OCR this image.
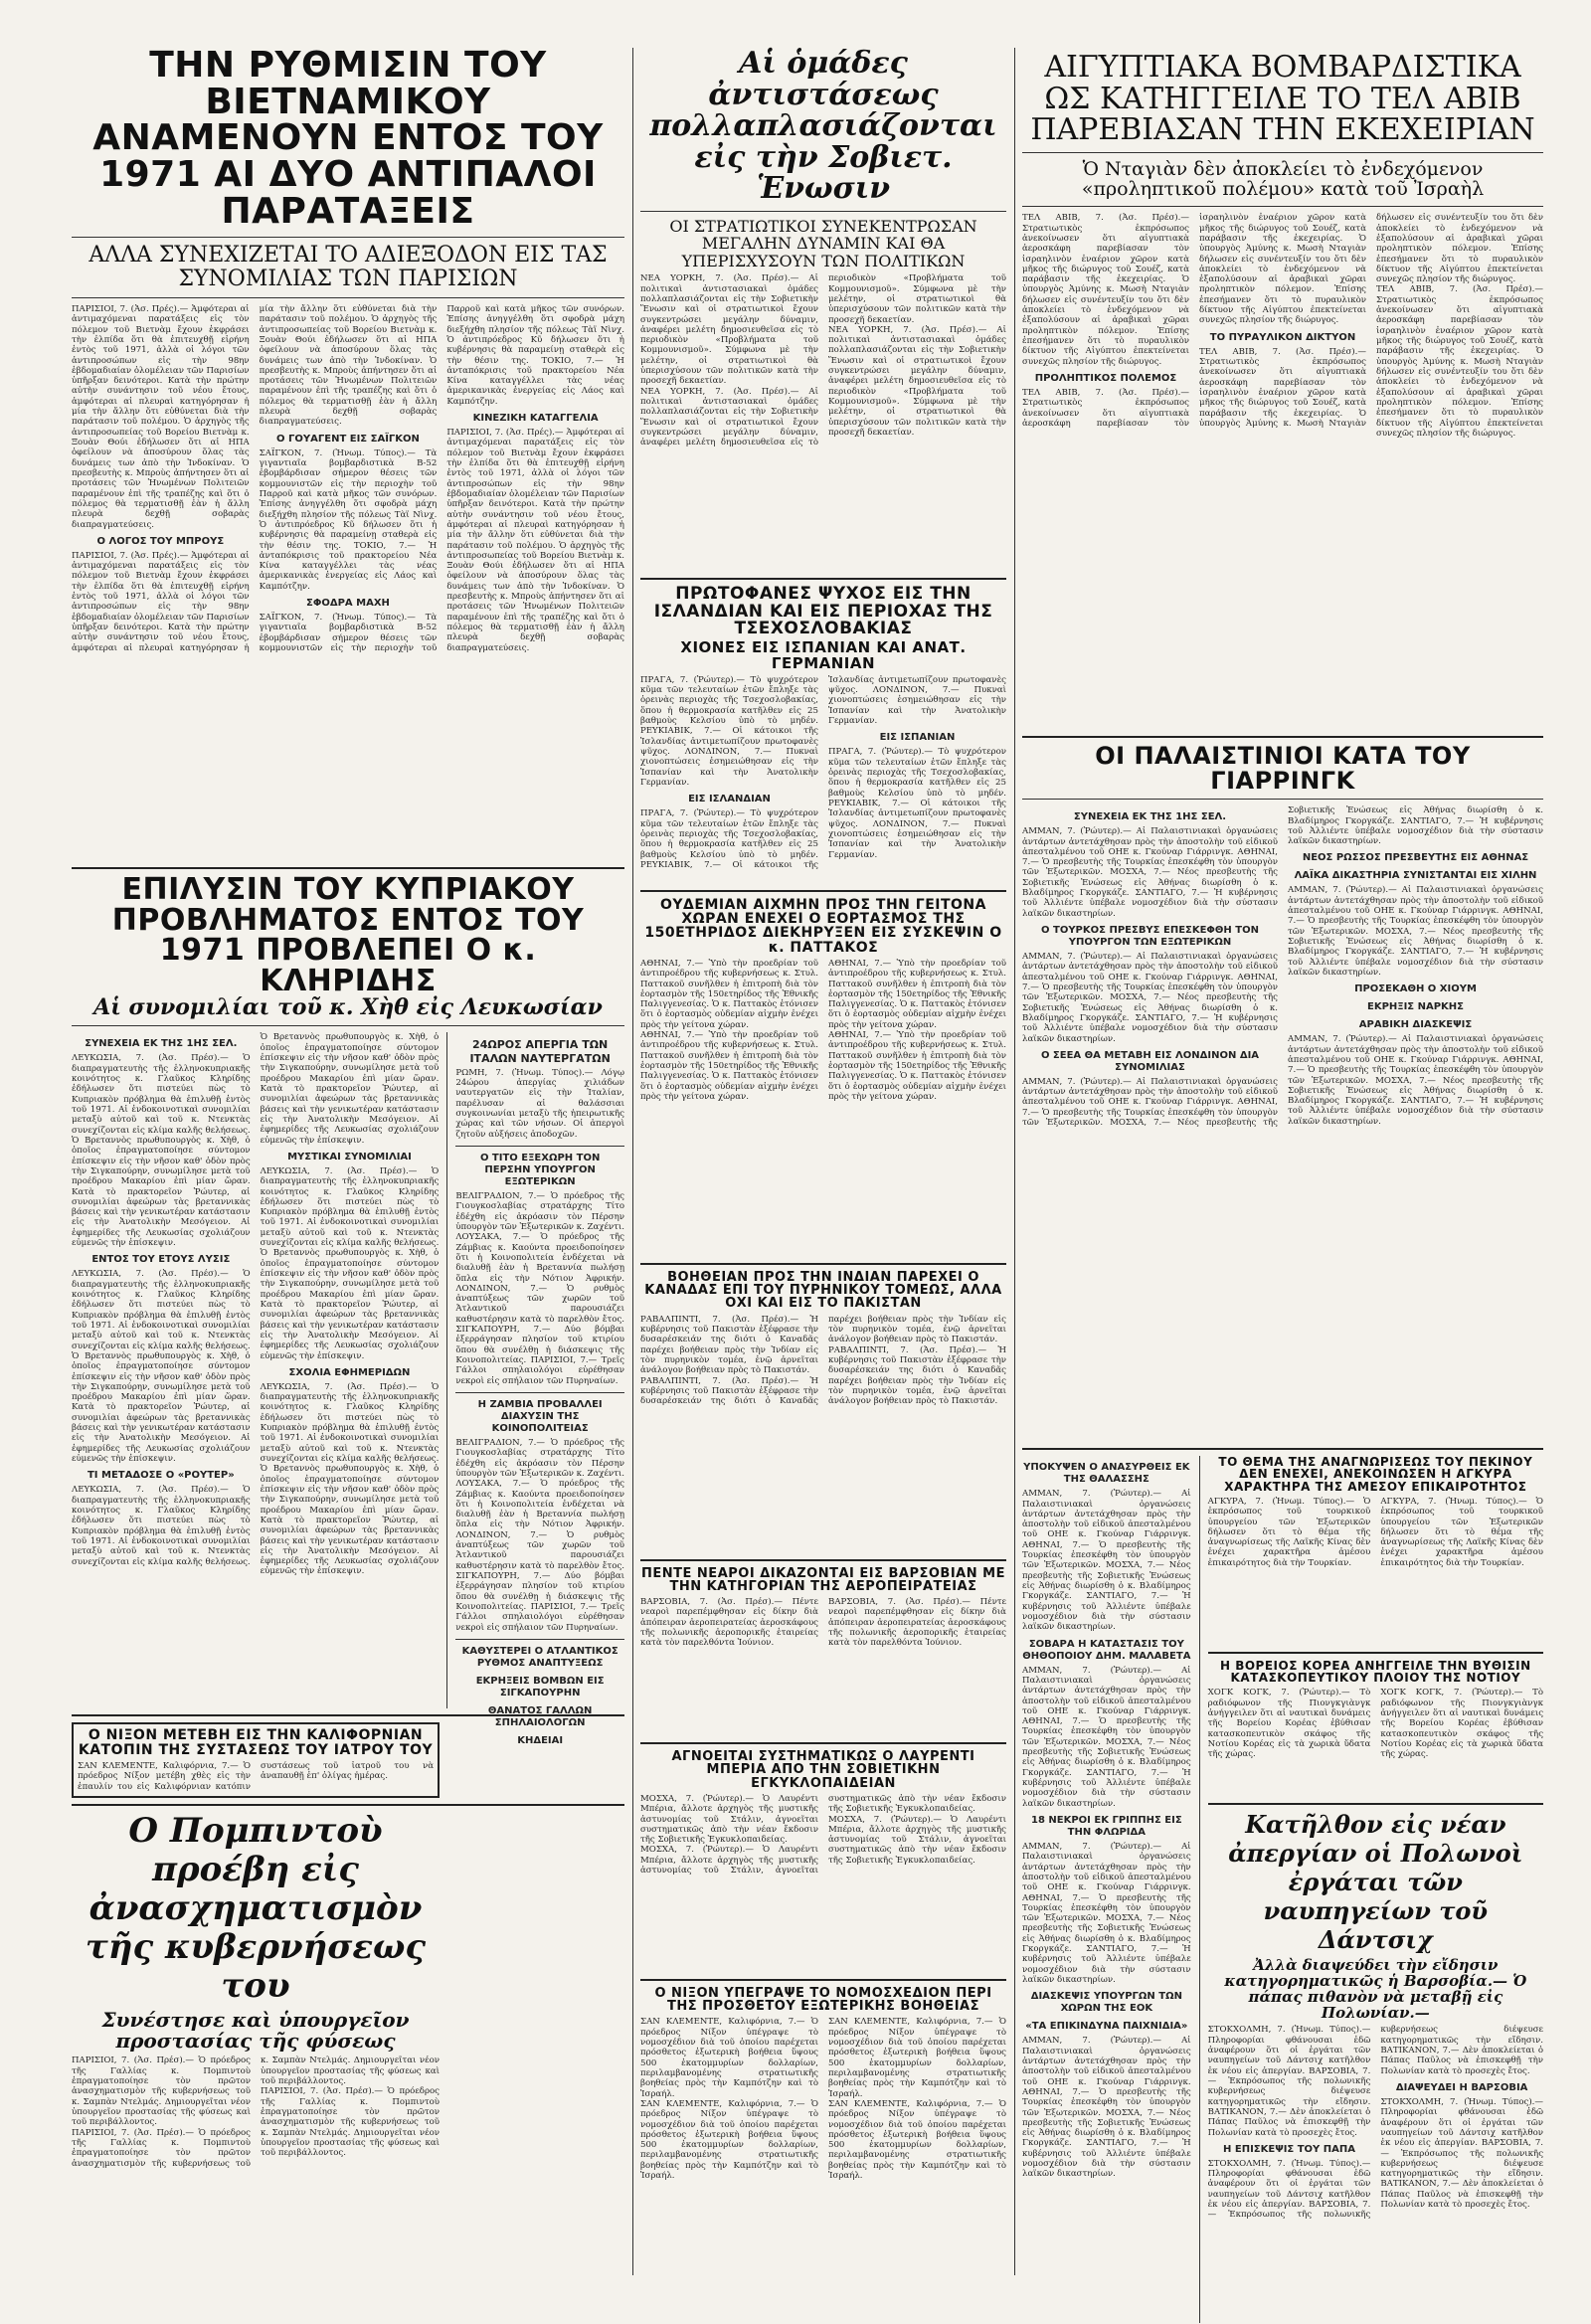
ΤΗΝ ΡΥΘΜΙΣΙΝ ΤΟΥ ΒΙΕΤΝΑΜΙΚΟΥ ΑΝΑΜΕΝΟΥΝ ΕΝΤΟΣ ΤΟΥ 1971 ΑΙ ΔΥΟ ΑΝΤΙΠΑΛΟΙ ΠΑΡΑΤΑΞΕΙΣ
ΑΛΛΑ ΣΥΝΕΧΙΖΕΤΑΙ ΤΟ ΑΔΙΕΞΟΔΟΝ ΕΙΣ ΤΑΣ ΣΥΝΟΜΙΛΙΑΣ ΤΩΝ ΠΑΡΙΣΙΩΝ

ΠΑΡΙΣΙΟΙ, 7. (Ἀσ. Πρές).— Ἀμφότεραι αἱ ἀντιμαχόμεναι παρατάξεις εἰς τὸν πόλεμον τοῦ Βιετνὰμ ἔχουν ἐκφράσει τὴν ἐλπίδα ὅτι θὰ ἐπιτευχθῇ εἰρήνη ἐντὸς τοῦ 1971, ἀλλὰ οἱ λόγοι τῶν ἀντιπροσώπων εἰς τὴν 98ην ἑβδομαδιαίαν ὁλομέλειαν τῶν Παρισίων ὑπῆρξαν δεινότεροι. Κατὰ τὴν πρώτην αὐτὴν συνάντησιν τοῦ νέου ἔτους, ἀμφότεραι αἱ πλευραὶ κατηγόρησαν ἡ μία τὴν ἄλλην ὅτι εὐθύνεται διὰ τὴν παράτασιν τοῦ πολέμου. Ὁ ἀρχηγὸς τῆς ἀντιπροσωπείας τοῦ Βορείου Βιετνὰμ κ. Ξουὰν Θούι ἐδήλωσεν ὅτι αἱ ΗΠΑ ὀφείλουν νὰ ἀποσύρουν ὅλας τὰς δυνάμεις των ἀπὸ τὴν Ἰνδοκίναν. Ὁ πρεσβευτὴς κ. Μπροὺς ἀπήντησεν ὅτι αἱ προτάσεις τῶν Ἡνωμένων Πολιτειῶν παραμένουν ἐπὶ τῆς τραπέζης καὶ ὅτι ὁ πόλεμος θὰ τερματισθῇ ἐὰν ἡ ἄλλη πλευρὰ δεχθῇ σοβαρὰς διαπραγματεύσεις.

Ο ΛΟΓΟΣ ΤΟΥ ΜΠΡΟΥΣ

ΠΑΡΙΣΙΟΙ, 7. (Ἀσ. Πρές).— Ἀμφότεραι αἱ ἀντιμαχόμεναι παρατάξεις εἰς τὸν πόλεμον τοῦ Βιετνὰμ ἔχουν ἐκφράσει τὴν ἐλπίδα ὅτι θὰ ἐπιτευχθῇ εἰρήνη ἐντὸς τοῦ 1971, ἀλλὰ οἱ λόγοι τῶν ἀντιπροσώπων εἰς τὴν 98ην ἑβδομαδιαίαν ὁλομέλειαν τῶν Παρισίων ὑπῆρξαν δεινότεροι. Κατὰ τὴν πρώτην αὐτὴν συνάντησιν τοῦ νέου ἔτους, ἀμφότεραι αἱ πλευραὶ κατηγόρησαν ἡ μία τὴν ἄλλην ὅτι εὐθύνεται διὰ τὴν παράτασιν τοῦ πολέμου. Ὁ ἀρχηγὸς τῆς ἀντιπροσωπείας τοῦ Βορείου Βιετνὰμ κ. Ξουὰν Θούι ἐδήλωσεν ὅτι αἱ ΗΠΑ ὀφείλουν νὰ ἀποσύρουν ὅλας τὰς δυνάμεις των ἀπὸ τὴν Ἰνδοκίναν. Ὁ πρεσβευτὴς κ. Μπροὺς ἀπήντησεν ὅτι αἱ προτάσεις τῶν Ἡνωμένων Πολιτειῶν παραμένουν ἐπὶ τῆς τραπέζης καὶ ὅτι ὁ πόλεμος θὰ τερματισθῇ ἐὰν ἡ ἄλλη πλευρὰ δεχθῇ σοβαρὰς διαπραγματεύσεις.

Ο ΓΟΥΑΓΕΝΤ ΕΙΣ ΣΑΪΓΚΟΝ

ΣΑΪΓΚΟΝ, 7. (Ἡνωμ. Τύπος).— Τὰ γιγαντιαῖα βομβαρδιστικὰ Β-52 ἐβομβάρδισαν σήμερον θέσεις τῶν κομμουνιστῶν εἰς τὴν περιοχὴν τοῦ Παρροῦ καὶ κατὰ μῆκος τῶν συνόρων. Ἐπίσης ἀνηγγέλθη ὅτι σφοδρὰ μάχη διεξήχθη πλησίον τῆς πόλεως Τὰϊ Νὶνχ. Ὁ ἀντιπρόεδρος Κῦ δήλωσεν ὅτι ἡ κυβέρνησις θὰ παραμείνῃ σταθερὰ εἰς τὴν θέσιν της. ΤΟΚΙΟ, 7.— Ἡ ἀνταπόκρισις τοῦ πρακτορείου Νέα Κίνα καταγγέλλει τὰς νέας ἀμερικανικὰς ἐνεργείας εἰς Λάος καὶ Καμπότζην.

ΣΦΟΔΡΑ ΜΑΧΗ

ΣΑΪΓΚΟΝ, 7. (Ἡνωμ. Τύπος).— Τὰ γιγαντιαῖα βομβαρδιστικὰ Β-52 ἐβομβάρδισαν σήμερον θέσεις τῶν κομμουνιστῶν εἰς τὴν περιοχὴν τοῦ Παρροῦ καὶ κατὰ μῆκος τῶν συνόρων. Ἐπίσης ἀνηγγέλθη ὅτι σφοδρὰ μάχη διεξήχθη πλησίον τῆς πόλεως Τὰϊ Νὶνχ. Ὁ ἀντιπρόεδρος Κῦ δήλωσεν ὅτι ἡ κυβέρνησις θὰ παραμείνῃ σταθερὰ εἰς τὴν θέσιν της. ΤΟΚΙΟ, 7.— Ἡ ἀνταπόκρισις τοῦ πρακτορείου Νέα Κίνα καταγγέλλει τὰς νέας ἀμερικανικὰς ἐνεργείας εἰς Λάος καὶ Καμπότζην.

ΚΙΝΕΖΙΚΗ ΚΑΤΑΓΓΕΛΙΑ

ΠΑΡΙΣΙΟΙ, 7. (Ἀσ. Πρές).— Ἀμφότεραι αἱ ἀντιμαχόμεναι παρατάξεις εἰς τὸν πόλεμον τοῦ Βιετνὰμ ἔχουν ἐκφράσει τὴν ἐλπίδα ὅτι θὰ ἐπιτευχθῇ εἰρήνη ἐντὸς τοῦ 1971, ἀλλὰ οἱ λόγοι τῶν ἀντιπροσώπων εἰς τὴν 98ην ἑβδομαδιαίαν ὁλομέλειαν τῶν Παρισίων ὑπῆρξαν δεινότεροι. Κατὰ τὴν πρώτην αὐτὴν συνάντησιν τοῦ νέου ἔτους, ἀμφότεραι αἱ πλευραὶ κατηγόρησαν ἡ μία τὴν ἄλλην ὅτι εὐθύνεται διὰ τὴν παράτασιν τοῦ πολέμου. Ὁ ἀρχηγὸς τῆς ἀντιπροσωπείας τοῦ Βορείου Βιετνὰμ κ. Ξουὰν Θούι ἐδήλωσεν ὅτι αἱ ΗΠΑ ὀφείλουν νὰ ἀποσύρουν ὅλας τὰς δυνάμεις των ἀπὸ τὴν Ἰνδοκίναν. Ὁ πρεσβευτὴς κ. Μπροὺς ἀπήντησεν ὅτι αἱ προτάσεις τῶν Ἡνωμένων Πολιτειῶν παραμένουν ἐπὶ τῆς τραπέζης καὶ ὅτι ὁ πόλεμος θὰ τερματισθῇ ἐὰν ἡ ἄλλη πλευρὰ δεχθῇ σοβαρὰς διαπραγματεύσεις.

ΕΠΙΛΥΣΙΝ ΤΟΥ ΚΥΠΡΙΑΚΟΥ ΠΡΟΒΛΗΜΑΤΟΣ ΕΝΤΟΣ ΤΟΥ 1971 ΠΡΟΒΛΕΠΕΙ Ο κ. ΚΛΗΡΙΔΗΣ
Αἱ συνομιλίαι τοῦ κ. Χὴθ εἰς Λευκωσίαν
ΣΥΝΕΧΕΙΑ ΕΚ ΤΗΣ 1ΗΣ ΣΕΛ.

ΛΕΥΚΩΣΙΑ, 7. (Ἀσ. Πρέσ).— Ὁ διαπραγματευτὴς τῆς ἑλληνοκυπριακῆς κοινότητος κ. Γλαῦκος Κληρίδης ἐδήλωσεν ὅτι πιστεύει πὼς τὸ Κυπριακὸν πρόβλημα θὰ ἐπιλυθῇ ἐντὸς τοῦ 1971. Αἱ ἐνδοκοινοτικαὶ συνομιλίαι μεταξὺ αὐτοῦ καὶ τοῦ κ. Ντενκτὰς συνεχίζονται εἰς κλίμα καλῆς θελήσεως. Ὁ Βρεταννὸς πρωθυπουργὸς κ. Χὴθ, ὁ ὁποῖος ἐπραγματοποίησε σύντομον ἐπίσκεψιν εἰς τὴν νῆσον καθ' ὁδὸν πρὸς τὴν Σιγκαπούρην, συνωμίλησε μετὰ τοῦ προέδρου Μακαρίου ἐπὶ μίαν ὥραν. Κατὰ τὸ πρακτορεῖον Ῥώυτερ, αἱ συνομιλίαι ἀφεώρων τὰς βρεταννικὰς βάσεις καὶ τὴν γενικωτέραν κατάστασιν εἰς τὴν Ἀνατολικὴν Μεσόγειον. Αἱ ἐφημερίδες τῆς Λευκωσίας σχολιάζουν εὐμενῶς τὴν ἐπίσκεψιν.

ΕΝΤΟΣ ΤΟΥ ΕΤΟΥΣ ΛΥΣΙΣ

ΛΕΥΚΩΣΙΑ, 7. (Ἀσ. Πρέσ).— Ὁ διαπραγματευτὴς τῆς ἑλληνοκυπριακῆς κοινότητος κ. Γλαῦκος Κληρίδης ἐδήλωσεν ὅτι πιστεύει πὼς τὸ Κυπριακὸν πρόβλημα θὰ ἐπιλυθῇ ἐντὸς τοῦ 1971. Αἱ ἐνδοκοινοτικαὶ συνομιλίαι μεταξὺ αὐτοῦ καὶ τοῦ κ. Ντενκτὰς συνεχίζονται εἰς κλίμα καλῆς θελήσεως. Ὁ Βρεταννὸς πρωθυπουργὸς κ. Χὴθ, ὁ ὁποῖος ἐπραγματοποίησε σύντομον ἐπίσκεψιν εἰς τὴν νῆσον καθ' ὁδὸν πρὸς τὴν Σιγκαπούρην, συνωμίλησε μετὰ τοῦ προέδρου Μακαρίου ἐπὶ μίαν ὥραν. Κατὰ τὸ πρακτορεῖον Ῥώυτερ, αἱ συνομιλίαι ἀφεώρων τὰς βρεταννικὰς βάσεις καὶ τὴν γενικωτέραν κατάστασιν εἰς τὴν Ἀνατολικὴν Μεσόγειον. Αἱ ἐφημερίδες τῆς Λευκωσίας σχολιάζουν εὐμενῶς τὴν ἐπίσκεψιν.

ΤΙ ΜΕΤΑΔΟΣΕ Ο «ΡΟΥΤΕΡ»

ΛΕΥΚΩΣΙΑ, 7. (Ἀσ. Πρέσ).— Ὁ διαπραγματευτὴς τῆς ἑλληνοκυπριακῆς κοινότητος κ. Γλαῦκος Κληρίδης ἐδήλωσεν ὅτι πιστεύει πὼς τὸ Κυπριακὸν πρόβλημα θὰ ἐπιλυθῇ ἐντὸς τοῦ 1971. Αἱ ἐνδοκοινοτικαὶ συνομιλίαι μεταξὺ αὐτοῦ καὶ τοῦ κ. Ντενκτὰς συνεχίζονται εἰς κλίμα καλῆς θελήσεως. Ὁ Βρεταννὸς πρωθυπουργὸς κ. Χὴθ, ὁ ὁποῖος ἐπραγματοποίησε σύντομον ἐπίσκεψιν εἰς τὴν νῆσον καθ' ὁδὸν πρὸς τὴν Σιγκαπούρην, συνωμίλησε μετὰ τοῦ προέδρου Μακαρίου ἐπὶ μίαν ὥραν. Κατὰ τὸ πρακτορεῖον Ῥώυτερ, αἱ συνομιλίαι ἀφεώρων τὰς βρεταννικὰς βάσεις καὶ τὴν γενικωτέραν κατάστασιν εἰς τὴν Ἀνατολικὴν Μεσόγειον. Αἱ ἐφημερίδες τῆς Λευκωσίας σχολιάζουν εὐμενῶς τὴν ἐπίσκεψιν.

ΜΥΣΤΙΚΑΙ ΣΥΝΟΜΙΛΙΑΙ

ΛΕΥΚΩΣΙΑ, 7. (Ἀσ. Πρέσ).— Ὁ διαπραγματευτὴς τῆς ἑλληνοκυπριακῆς κοινότητος κ. Γλαῦκος Κληρίδης ἐδήλωσεν ὅτι πιστεύει πὼς τὸ Κυπριακὸν πρόβλημα θὰ ἐπιλυθῇ ἐντὸς τοῦ 1971. Αἱ ἐνδοκοινοτικαὶ συνομιλίαι μεταξὺ αὐτοῦ καὶ τοῦ κ. Ντενκτὰς συνεχίζονται εἰς κλίμα καλῆς θελήσεως. Ὁ Βρεταννὸς πρωθυπουργὸς κ. Χὴθ, ὁ ὁποῖος ἐπραγματοποίησε σύντομον ἐπίσκεψιν εἰς τὴν νῆσον καθ' ὁδὸν πρὸς τὴν Σιγκαπούρην, συνωμίλησε μετὰ τοῦ προέδρου Μακαρίου ἐπὶ μίαν ὥραν. Κατὰ τὸ πρακτορεῖον Ῥώυτερ, αἱ συνομιλίαι ἀφεώρων τὰς βρεταννικὰς βάσεις καὶ τὴν γενικωτέραν κατάστασιν εἰς τὴν Ἀνατολικὴν Μεσόγειον. Αἱ ἐφημερίδες τῆς Λευκωσίας σχολιάζουν εὐμενῶς τὴν ἐπίσκεψιν.

ΣΧΟΛΙΑ ΕΦΗΜΕΡΙΔΩΝ

ΛΕΥΚΩΣΙΑ, 7. (Ἀσ. Πρέσ).— Ὁ διαπραγματευτὴς τῆς ἑλληνοκυπριακῆς κοινότητος κ. Γλαῦκος Κληρίδης ἐδήλωσεν ὅτι πιστεύει πὼς τὸ Κυπριακὸν πρόβλημα θὰ ἐπιλυθῇ ἐντὸς τοῦ 1971. Αἱ ἐνδοκοινοτικαὶ συνομιλίαι μεταξὺ αὐτοῦ καὶ τοῦ κ. Ντενκτὰς συνεχίζονται εἰς κλίμα καλῆς θελήσεως. Ὁ Βρεταννὸς πρωθυπουργὸς κ. Χὴθ, ὁ ὁποῖος ἐπραγματοποίησε σύντομον ἐπίσκεψιν εἰς τὴν νῆσον καθ' ὁδὸν πρὸς τὴν Σιγκαπούρην, συνωμίλησε μετὰ τοῦ προέδρου Μακαρίου ἐπὶ μίαν ὥραν. Κατὰ τὸ πρακτορεῖον Ῥώυτερ, αἱ συνομιλίαι ἀφεώρων τὰς βρεταννικὰς βάσεις καὶ τὴν γενικωτέραν κατάστασιν εἰς τὴν Ἀνατολικὴν Μεσόγειον. Αἱ ἐφημερίδες τῆς Λευκωσίας σχολιάζουν εὐμενῶς τὴν ἐπίσκεψιν.

24ΩΡΟΣ ΑΠΕΡΓΙΑ ΤΩΝ ΙΤΑΛΩΝ ΝΑΥΤΕΡΓΑΤΩΝ

ΡΩΜΗ, 7. (Ἡνωμ. Τύπος).— Λόγῳ 24ώρου ἀπεργίας χιλιάδων ναυτεργατῶν εἰς τὴν Ἰταλίαν, παρέλυσαν αἱ θαλάσσιαι συγκοινωνίαι μεταξὺ τῆς ἠπειρωτικῆς χώρας καὶ τῶν νήσων. Οἱ ἀπεργοὶ ζητοῦν αὐξήσεις ἀποδοχῶν.

Ο ΤΙΤΟ ΕΞΕΧΩΡΗ ΤΟΝ ΠΕΡΣΗΝ ΥΠΟΥΡΓΟΝ ΕΞΩΤΕΡΙΚΩΝ

ΒΕΛΙΓΡΑΔΙΟΝ, 7.— Ὁ πρόεδρος τῆς Γιουγκοσλαβίας στρατάρχης Τίτο ἐδέχθη εἰς ἀκρόασιν τὸν Πέρσην ὑπουργὸν τῶν Ἐξωτερικῶν κ. Ζαχέντι. ΛΟΥΣΑΚΑ, 7.— Ὁ πρόεδρος τῆς Ζάμβιας κ. Καούντα προειδοποίησεν ὅτι ἡ Κοινοπολιτεία ἐνδέχεται νὰ διαλυθῇ ἐὰν ἡ Βρεταννία πωλήσῃ ὅπλα εἰς τὴν Νότιον Ἀφρικήν. ΛΟΝΔΙΝΟΝ, 7.— Ὁ ρυθμὸς ἀναπτύξεως τῶν χωρῶν τοῦ Ἀτλαντικοῦ παρουσιάζει καθυστέρησιν κατὰ τὸ παρελθὸν ἔτος. ΣΙΓΚΑΠΟΥΡΗ, 7.— Δύο βόμβαι ἐξερράγησαν πλησίον τοῦ κτιρίου ὅπου θὰ συνέλθῃ ἡ διάσκεψις τῆς Κοινοπολιτείας. ΠΑΡΙΣΙΟΙ, 7.— Τρεῖς Γάλλοι σπηλαιολόγοι εὑρέθησαν νεκροὶ εἰς σπήλαιον τῶν Πυρηναίων.

Η ΖΑΜΒΙΑ ΠΡΟΒΑΛΛΕΙ ΔΙΑΧΥΣΙΝ ΤΗΣ ΚΟΙΝΟΠΟΛΙΤΕΙΑΣ

ΒΕΛΙΓΡΑΔΙΟΝ, 7.— Ὁ πρόεδρος τῆς Γιουγκοσλαβίας στρατάρχης Τίτο ἐδέχθη εἰς ἀκρόασιν τὸν Πέρσην ὑπουργὸν τῶν Ἐξωτερικῶν κ. Ζαχέντι. ΛΟΥΣΑΚΑ, 7.— Ὁ πρόεδρος τῆς Ζάμβιας κ. Καούντα προειδοποίησεν ὅτι ἡ Κοινοπολιτεία ἐνδέχεται νὰ διαλυθῇ ἐὰν ἡ Βρεταννία πωλήσῃ ὅπλα εἰς τὴν Νότιον Ἀφρικήν. ΛΟΝΔΙΝΟΝ, 7.— Ὁ ρυθμὸς ἀναπτύξεως τῶν χωρῶν τοῦ Ἀτλαντικοῦ παρουσιάζει καθυστέρησιν κατὰ τὸ παρελθὸν ἔτος. ΣΙΓΚΑΠΟΥΡΗ, 7.— Δύο βόμβαι ἐξερράγησαν πλησίον τοῦ κτιρίου ὅπου θὰ συνέλθῃ ἡ διάσκεψις τῆς Κοινοπολιτείας. ΠΑΡΙΣΙΟΙ, 7.— Τρεῖς Γάλλοι σπηλαιολόγοι εὑρέθησαν νεκροὶ εἰς σπήλαιον τῶν Πυρηναίων.

ΚΑΘΥΣΤΕΡΕΙ Ο ΑΤΛΑΝΤΙΚΟΣ ΡΥΘΜΟΣ ΑΝΑΠΤΥΞΕΩΣ
ΕΚΡΗΞΕΙΣ ΒΟΜΒΩΝ ΕΙΣ ΣΙΓΚΑΠΟΥΡΗΝ
ΘΑΝΑΤΟΣ ΓΑΛΛΩΝ ΣΠΗΛΑΙΟΛΟΓΩΝ
ΚΗΔΕΙΑΙ
Ο ΝΙΞΟΝ ΜΕΤΕΒΗ ΕΙΣ ΤΗΝ ΚΑΛΙΦΟΡΝΙΑΝ ΚΑΤΟΠΙΝ ΤΗΣ ΣΥΣΤΑΣΕΩΣ ΤΟΥ ΙΑΤΡΟΥ ΤΟΥ
ΣΑΝ ΚΛΕΜΕΝΤΕ, Καλιφόρνια, 7.— Ὁ πρόεδρος Νίξον μετέβη χθὲς εἰς τὴν ἐπαυλίν του εἰς Καλιφόρνιαν κατόπιν συστάσεως τοῦ ἰατροῦ του νὰ ἀναπαυθῇ ἐπ' ὀλίγας ἡμέρας.
Ο Πομπιντοὺ προέβη εἰς ἀνασχηματισμὸν τῆς κυβερνήσεως του
Συνέστησε καὶ ὑπουργεῖον προστασίας τῆς φύσεως

ΠΑΡΙΣΙΟΙ, 7. (Ἀσ. Πρέσ).— Ὁ πρόεδρος τῆς Γαλλίας κ. Πομπιντοὺ ἐπραγματοποίησε τὸν πρῶτον ἀνασχηματισμὸν τῆς κυβερνήσεως τοῦ κ. Σαμπὰν Ντελμάς. Δημιουργεῖται νέον ὑπουργεῖον προστασίας τῆς φύσεως καὶ τοῦ περιβάλλοντος.

ΠΑΡΙΣΙΟΙ, 7. (Ἀσ. Πρέσ).— Ὁ πρόεδρος τῆς Γαλλίας κ. Πομπιντοὺ ἐπραγματοποίησε τὸν πρῶτον ἀνασχηματισμὸν τῆς κυβερνήσεως τοῦ κ. Σαμπὰν Ντελμάς. Δημιουργεῖται νέον ὑπουργεῖον προστασίας τῆς φύσεως καὶ τοῦ περιβάλλοντος.

ΠΑΡΙΣΙΟΙ, 7. (Ἀσ. Πρέσ).— Ὁ πρόεδρος τῆς Γαλλίας κ. Πομπιντοὺ ἐπραγματοποίησε τὸν πρῶτον ἀνασχηματισμὸν τῆς κυβερνήσεως τοῦ κ. Σαμπὰν Ντελμάς. Δημιουργεῖται νέον ὑπουργεῖον προστασίας τῆς φύσεως καὶ τοῦ περιβάλλοντος.

Αἱ ὁμάδες ἀντιστάσεως πολλαπλασιάζονται εἰς τὴν Σοβιετ. Ἑνωσιν
ΟΙ ΣΤΡΑΤΙΩΤΙΚΟΙ ΣΥΝΕΚΕΝΤΡΩΣΑΝ ΜΕΓΑΛΗΝ ΔΥΝΑΜΙΝ ΚΑΙ ΘΑ ΥΠΕΡΙΣΧΥΣΟΥΝ ΤΩΝ ΠΟΛΙΤΙΚΩΝ

ΝΕΑ ΥΟΡΚΗ, 7. (Ἀσ. Πρέσ).— Αἱ πολιτικαὶ ἀντιστασιακαὶ ὁμάδες πολλαπλασιάζονται εἰς τὴν Σοβιετικὴν Ἕνωσιν καὶ οἱ στρατιωτικοὶ ἔχουν συγκεντρώσει μεγάλην δύναμιν, ἀναφέρει μελέτη δημοσιευθεῖσα εἰς τὸ περιοδικὸν «Προβλήματα τοῦ Κομμουνισμοῦ». Σύμφωνα μὲ τὴν μελέτην, οἱ στρατιωτικοὶ θὰ ὑπερισχύσουν τῶν πολιτικῶν κατὰ τὴν προσεχῆ δεκαετίαν.

ΝΕΑ ΥΟΡΚΗ, 7. (Ἀσ. Πρέσ).— Αἱ πολιτικαὶ ἀντιστασιακαὶ ὁμάδες πολλαπλασιάζονται εἰς τὴν Σοβιετικὴν Ἕνωσιν καὶ οἱ στρατιωτικοὶ ἔχουν συγκεντρώσει μεγάλην δύναμιν, ἀναφέρει μελέτη δημοσιευθεῖσα εἰς τὸ περιοδικὸν «Προβλήματα τοῦ Κομμουνισμοῦ». Σύμφωνα μὲ τὴν μελέτην, οἱ στρατιωτικοὶ θὰ ὑπερισχύσουν τῶν πολιτικῶν κατὰ τὴν προσεχῆ δεκαετίαν.

ΝΕΑ ΥΟΡΚΗ, 7. (Ἀσ. Πρέσ).— Αἱ πολιτικαὶ ἀντιστασιακαὶ ὁμάδες πολλαπλασιάζονται εἰς τὴν Σοβιετικὴν Ἕνωσιν καὶ οἱ στρατιωτικοὶ ἔχουν συγκεντρώσει μεγάλην δύναμιν, ἀναφέρει μελέτη δημοσιευθεῖσα εἰς τὸ περιοδικὸν «Προβλήματα τοῦ Κομμουνισμοῦ». Σύμφωνα μὲ τὴν μελέτην, οἱ στρατιωτικοὶ θὰ ὑπερισχύσουν τῶν πολιτικῶν κατὰ τὴν προσεχῆ δεκαετίαν.

ΠΡΩΤΟΦΑΝΕΣ ΨΥΧΟΣ ΕΙΣ ΤΗΝ ΙΣΛΑΝΔΙΑΝ ΚΑΙ ΕΙΣ ΠΕΡΙΟΧΑΣ ΤΗΣ ΤΣΕΧΟΣΛΟΒΑΚΙΑΣ
ΧΙΟΝΕΣ ΕΙΣ ΙΣΠΑΝΙΑΝ ΚΑΙ ΑΝΑΤ. ΓΕΡΜΑΝΙΑΝ

ΠΡΑΓΑ, 7. (Ῥώυτερ).— Τὸ ψυχρότερον κῦμα τῶν τελευταίων ἐτῶν ἔπληξε τὰς ὀρεινὰς περιοχὰς τῆς Τσεχοσλοβακίας, ὅπου ἡ θερμοκρασία κατῆλθεν εἰς 25 βαθμοὺς Κελσίου ὑπὸ τὸ μηδέν. ΡΕΥΚΙΑΒΙΚ, 7.— Οἱ κάτοικοι τῆς Ἰσλανδίας ἀντιμετωπίζουν πρωτοφανὲς ψῦχος. ΛΟΝΔΙΝΟΝ, 7.— Πυκναὶ χιονοπτώσεις ἐσημειώθησαν εἰς τὴν Ἱσπανίαν καὶ τὴν Ἀνατολικὴν Γερμανίαν.

ΕΙΣ ΙΣΛΑΝΔΙΑΝ

ΠΡΑΓΑ, 7. (Ῥώυτερ).— Τὸ ψυχρότερον κῦμα τῶν τελευταίων ἐτῶν ἔπληξε τὰς ὀρεινὰς περιοχὰς τῆς Τσεχοσλοβακίας, ὅπου ἡ θερμοκρασία κατῆλθεν εἰς 25 βαθμοὺς Κελσίου ὑπὸ τὸ μηδέν. ΡΕΥΚΙΑΒΙΚ, 7.— Οἱ κάτοικοι τῆς Ἰσλανδίας ἀντιμετωπίζουν πρωτοφανὲς ψῦχος. ΛΟΝΔΙΝΟΝ, 7.— Πυκναὶ χιονοπτώσεις ἐσημειώθησαν εἰς τὴν Ἱσπανίαν καὶ τὴν Ἀνατολικὴν Γερμανίαν.

ΕΙΣ ΙΣΠΑΝΙΑΝ

ΠΡΑΓΑ, 7. (Ῥώυτερ).— Τὸ ψυχρότερον κῦμα τῶν τελευταίων ἐτῶν ἔπληξε τὰς ὀρεινὰς περιοχὰς τῆς Τσεχοσλοβακίας, ὅπου ἡ θερμοκρασία κατῆλθεν εἰς 25 βαθμοὺς Κελσίου ὑπὸ τὸ μηδέν. ΡΕΥΚΙΑΒΙΚ, 7.— Οἱ κάτοικοι τῆς Ἰσλανδίας ἀντιμετωπίζουν πρωτοφανὲς ψῦχος. ΛΟΝΔΙΝΟΝ, 7.— Πυκναὶ χιονοπτώσεις ἐσημειώθησαν εἰς τὴν Ἱσπανίαν καὶ τὴν Ἀνατολικὴν Γερμανίαν.

ΟΥΔΕΜΙΑΝ ΑΙΧΜΗΝ ΠΡΟΣ ΤΗΝ ΓΕΙΤΟΝΑ ΧΩΡΑΝ ΕΝΕΧΕΙ Ο ΕΟΡΤΑΣΜΟΣ ΤΗΣ 150ΕΤΗΡΙΔΟΣ ΔΙΕΚΗΡΥΞΕΝ ΕΙΣ ΣΥΣΚΕΨΙΝ Ο κ. ΠΑΤΤΑΚΟΣ

ΑΘΗΝΑΙ, 7.— Ὑπὸ τὴν προεδρίαν τοῦ ἀντιπροέδρου τῆς κυβερνήσεως κ. Στυλ. Παττακοῦ συνῆλθεν ἡ ἐπιτροπὴ διὰ τὸν ἑορτασμὸν τῆς 150ετηρίδος τῆς Ἐθνικῆς Παλιγγενεσίας. Ὁ κ. Παττακὸς ἐτόνισεν ὅτι ὁ ἑορτασμὸς οὐδεμίαν αἰχμὴν ἐνέχει πρὸς τὴν γείτονα χώραν.

ΑΘΗΝΑΙ, 7.— Ὑπὸ τὴν προεδρίαν τοῦ ἀντιπροέδρου τῆς κυβερνήσεως κ. Στυλ. Παττακοῦ συνῆλθεν ἡ ἐπιτροπὴ διὰ τὸν ἑορτασμὸν τῆς 150ετηρίδος τῆς Ἐθνικῆς Παλιγγενεσίας. Ὁ κ. Παττακὸς ἐτόνισεν ὅτι ὁ ἑορτασμὸς οὐδεμίαν αἰχμὴν ἐνέχει πρὸς τὴν γείτονα χώραν.

ΑΘΗΝΑΙ, 7.— Ὑπὸ τὴν προεδρίαν τοῦ ἀντιπροέδρου τῆς κυβερνήσεως κ. Στυλ. Παττακοῦ συνῆλθεν ἡ ἐπιτροπὴ διὰ τὸν ἑορτασμὸν τῆς 150ετηρίδος τῆς Ἐθνικῆς Παλιγγενεσίας. Ὁ κ. Παττακὸς ἐτόνισεν ὅτι ὁ ἑορτασμὸς οὐδεμίαν αἰχμὴν ἐνέχει πρὸς τὴν γείτονα χώραν.

ΑΘΗΝΑΙ, 7.— Ὑπὸ τὴν προεδρίαν τοῦ ἀντιπροέδρου τῆς κυβερνήσεως κ. Στυλ. Παττακοῦ συνῆλθεν ἡ ἐπιτροπὴ διὰ τὸν ἑορτασμὸν τῆς 150ετηρίδος τῆς Ἐθνικῆς Παλιγγενεσίας. Ὁ κ. Παττακὸς ἐτόνισεν ὅτι ὁ ἑορτασμὸς οὐδεμίαν αἰχμὴν ἐνέχει πρὸς τὴν γείτονα χώραν.

ΒΟΗΘΕΙΑΝ ΠΡΟΣ ΤΗΝ ΙΝΔΙΑΝ ΠΑΡΕΧΕΙ Ο ΚΑΝΑΔΑΣ ΕΠΙ ΤΟΥ ΠΥΡΗΝΙΚΟΥ ΤΟΜΕΩΣ, ΑΛΛΑ ΟΧΙ ΚΑΙ ΕΙΣ ΤΟ ΠΑΚΙΣΤΑΝ

ΡΑΒΑΛΠΙΝΤΙ, 7. (Ἀσ. Πρέσ).— Ἡ κυβέρνησις τοῦ Πακιστὰν ἐξέφρασε τὴν δυσαρέσκειάν της διότι ὁ Καναδᾶς παρέχει βοήθειαν πρὸς τὴν Ἰνδίαν εἰς τὸν πυρηνικὸν τομέα, ἐνῷ ἀρνεῖται ἀνάλογον βοήθειαν πρὸς τὸ Πακιστάν.

ΡΑΒΑΛΠΙΝΤΙ, 7. (Ἀσ. Πρέσ).— Ἡ κυβέρνησις τοῦ Πακιστὰν ἐξέφρασε τὴν δυσαρέσκειάν της διότι ὁ Καναδᾶς παρέχει βοήθειαν πρὸς τὴν Ἰνδίαν εἰς τὸν πυρηνικὸν τομέα, ἐνῷ ἀρνεῖται ἀνάλογον βοήθειαν πρὸς τὸ Πακιστάν.

ΡΑΒΑΛΠΙΝΤΙ, 7. (Ἀσ. Πρέσ).— Ἡ κυβέρνησις τοῦ Πακιστὰν ἐξέφρασε τὴν δυσαρέσκειάν της διότι ὁ Καναδᾶς παρέχει βοήθειαν πρὸς τὴν Ἰνδίαν εἰς τὸν πυρηνικὸν τομέα, ἐνῷ ἀρνεῖται ἀνάλογον βοήθειαν πρὸς τὸ Πακιστάν.

ΠΕΝΤΕ ΝΕΑΡΟΙ ΔΙΚΑΖΟΝΤΑΙ ΕΙΣ ΒΑΡΣΟΒΙΑΝ ΜΕ ΤΗΝ ΚΑΤΗΓΟΡΙΑΝ ΤΗΣ ΑΕΡΟΠΕΙΡΑΤΕΙΑΣ

ΒΑΡΣΟΒΙΑ, 7. (Ἀσ. Πρέσ).— Πέντε νεαροὶ παρεπέμφθησαν εἰς δίκην διὰ ἀπόπειραν ἀεροπειρατείας ἀεροσκάφους τῆς πολωνικῆς ἀεροπορικῆς ἑταιρείας κατὰ τὸν παρελθόντα Ἰούνιον.

ΒΑΡΣΟΒΙΑ, 7. (Ἀσ. Πρέσ).— Πέντε νεαροὶ παρεπέμφθησαν εἰς δίκην διὰ ἀπόπειραν ἀεροπειρατείας ἀεροσκάφους τῆς πολωνικῆς ἀεροπορικῆς ἑταιρείας κατὰ τὸν παρελθόντα Ἰούνιον.

ΑΓΝΟΕΙΤΑΙ ΣΥΣΤΗΜΑΤΙΚΩΣ Ο ΛΑΥΡΕΝΤΙ ΜΠΕΡΙΑ ΑΠΟ ΤΗΝ ΣΟΒΙΕΤΙΚΗΝ ΕΓΚΥΚΛΟΠΑΙΔΕΙΑΝ

ΜΟΣΧΑ, 7. (Ῥώυτερ).— Ὁ Λαυρέντι Μπέρια, ἄλλοτε ἀρχηγὸς τῆς μυστικῆς ἀστυνομίας τοῦ Στάλιν, ἀγνοεῖται συστηματικῶς ἀπὸ τὴν νέαν ἔκδοσιν τῆς Σοβιετικῆς Ἐγκυκλοπαιδείας.

ΜΟΣΧΑ, 7. (Ῥώυτερ).— Ὁ Λαυρέντι Μπέρια, ἄλλοτε ἀρχηγὸς τῆς μυστικῆς ἀστυνομίας τοῦ Στάλιν, ἀγνοεῖται συστηματικῶς ἀπὸ τὴν νέαν ἔκδοσιν τῆς Σοβιετικῆς Ἐγκυκλοπαιδείας.

ΜΟΣΧΑ, 7. (Ῥώυτερ).— Ὁ Λαυρέντι Μπέρια, ἄλλοτε ἀρχηγὸς τῆς μυστικῆς ἀστυνομίας τοῦ Στάλιν, ἀγνοεῖται συστηματικῶς ἀπὸ τὴν νέαν ἔκδοσιν τῆς Σοβιετικῆς Ἐγκυκλοπαιδείας.

Ο ΝΙΞΟΝ ΥΠΕΓΡΑΨΕ ΤΟ ΝΟΜΟΣΧΕΔΙΟΝ ΠΕΡΙ ΤΗΣ ΠΡΟΣΘΕΤΟΥ ΕΞΩΤΕΡΙΚΗΣ ΒΟΗΘΕΙΑΣ

ΣΑΝ ΚΛΕΜΕΝΤΕ, Καλιφόρνια, 7.— Ὁ πρόεδρος Νίξον ὑπέγραψε τὸ νομοσχέδιον διὰ τοῦ ὁποίου παρέχεται πρόσθετος ἐξωτερικὴ βοήθεια ὕψους 500 ἑκατομμυρίων δολλαρίων, περιλαμβανομένης στρατιωτικῆς βοηθείας πρὸς τὴν Καμπότζην καὶ τὸ Ἰσραήλ.

ΣΑΝ ΚΛΕΜΕΝΤΕ, Καλιφόρνια, 7.— Ὁ πρόεδρος Νίξον ὑπέγραψε τὸ νομοσχέδιον διὰ τοῦ ὁποίου παρέχεται πρόσθετος ἐξωτερικὴ βοήθεια ὕψους 500 ἑκατομμυρίων δολλαρίων, περιλαμβανομένης στρατιωτικῆς βοηθείας πρὸς τὴν Καμπότζην καὶ τὸ Ἰσραήλ.

ΣΑΝ ΚΛΕΜΕΝΤΕ, Καλιφόρνια, 7.— Ὁ πρόεδρος Νίξον ὑπέγραψε τὸ νομοσχέδιον διὰ τοῦ ὁποίου παρέχεται πρόσθετος ἐξωτερικὴ βοήθεια ὕψους 500 ἑκατομμυρίων δολλαρίων, περιλαμβανομένης στρατιωτικῆς βοηθείας πρὸς τὴν Καμπότζην καὶ τὸ Ἰσραήλ.

ΣΑΝ ΚΛΕΜΕΝΤΕ, Καλιφόρνια, 7.— Ὁ πρόεδρος Νίξον ὑπέγραψε τὸ νομοσχέδιον διὰ τοῦ ὁποίου παρέχεται πρόσθετος ἐξωτερικὴ βοήθεια ὕψους 500 ἑκατομμυρίων δολλαρίων, περιλαμβανομένης στρατιωτικῆς βοηθείας πρὸς τὴν Καμπότζην καὶ τὸ Ἰσραήλ.

ΑΙΓΥΠΤΙΑΚΑ ΒΟΜΒΑΡΔΙΣΤΙΚΑ ΩΣ ΚΑΤΗΓΓΕΙΛΕ ΤΟ ΤΕΛ ΑΒΙΒ ΠΑΡΕΒΙΑΣΑΝ ΤΗΝ ΕΚΕΧΕΙΡΙΑΝ
Ὁ Νταγιὰν δὲν ἀποκλείει τὸ ἐνδεχόμενον «προληπτικοῦ πολέμου» κατὰ τοῦ Ἰσραὴλ

ΤΕΛ ΑΒΙΒ, 7. (Ἀσ. Πρέσ).— Στρατιωτικὸς ἐκπρόσωπος ἀνεκοίνωσεν ὅτι αἰγυπτιακὰ ἀεροσκάφη παρεβίασαν τὸν ἰσραηλινὸν ἐναέριον χῶρον κατὰ μῆκος τῆς διώρυγος τοῦ Σουέζ, κατὰ παράβασιν τῆς ἐκεχειρίας. Ὁ ὑπουργὸς Ἀμύνης κ. Μωσὴ Νταγιὰν δήλωσεν εἰς συνέντευξίν του ὅτι δὲν ἀποκλείει τὸ ἐνδεχόμενον νὰ ἐξαπολύσουν αἱ ἀραβικαὶ χῶραι προληπτικὸν πόλεμον. Ἐπίσης ἐπεσήμανεν ὅτι τὸ πυραυλικὸν δίκτυον τῆς Αἰγύπτου ἐπεκτείνεται συνεχῶς πλησίον τῆς διώρυγος.

ΠΡΟΛΗΠΤΙΚΟΣ ΠΟΛΕΜΟΣ

ΤΕΛ ΑΒΙΒ, 7. (Ἀσ. Πρέσ).— Στρατιωτικὸς ἐκπρόσωπος ἀνεκοίνωσεν ὅτι αἰγυπτιακὰ ἀεροσκάφη παρεβίασαν τὸν ἰσραηλινὸν ἐναέριον χῶρον κατὰ μῆκος τῆς διώρυγος τοῦ Σουέζ, κατὰ παράβασιν τῆς ἐκεχειρίας. Ὁ ὑπουργὸς Ἀμύνης κ. Μωσὴ Νταγιὰν δήλωσεν εἰς συνέντευξίν του ὅτι δὲν ἀποκλείει τὸ ἐνδεχόμενον νὰ ἐξαπολύσουν αἱ ἀραβικαὶ χῶραι προληπτικὸν πόλεμον. Ἐπίσης ἐπεσήμανεν ὅτι τὸ πυραυλικὸν δίκτυον τῆς Αἰγύπτου ἐπεκτείνεται συνεχῶς πλησίον τῆς διώρυγος.

ΤΟ ΠΥΡΑΥΛΙΚΟΝ ΔΙΚΤΥΟΝ

ΤΕΛ ΑΒΙΒ, 7. (Ἀσ. Πρέσ).— Στρατιωτικὸς ἐκπρόσωπος ἀνεκοίνωσεν ὅτι αἰγυπτιακὰ ἀεροσκάφη παρεβίασαν τὸν ἰσραηλινὸν ἐναέριον χῶρον κατὰ μῆκος τῆς διώρυγος τοῦ Σουέζ, κατὰ παράβασιν τῆς ἐκεχειρίας. Ὁ ὑπουργὸς Ἀμύνης κ. Μωσὴ Νταγιὰν δήλωσεν εἰς συνέντευξίν του ὅτι δὲν ἀποκλείει τὸ ἐνδεχόμενον νὰ ἐξαπολύσουν αἱ ἀραβικαὶ χῶραι προληπτικὸν πόλεμον. Ἐπίσης ἐπεσήμανεν ὅτι τὸ πυραυλικὸν δίκτυον τῆς Αἰγύπτου ἐπεκτείνεται συνεχῶς πλησίον τῆς διώρυγος.

ΤΕΛ ΑΒΙΒ, 7. (Ἀσ. Πρέσ).— Στρατιωτικὸς ἐκπρόσωπος ἀνεκοίνωσεν ὅτι αἰγυπτιακὰ ἀεροσκάφη παρεβίασαν τὸν ἰσραηλινὸν ἐναέριον χῶρον κατὰ μῆκος τῆς διώρυγος τοῦ Σουέζ, κατὰ παράβασιν τῆς ἐκεχειρίας. Ὁ ὑπουργὸς Ἀμύνης κ. Μωσὴ Νταγιὰν δήλωσεν εἰς συνέντευξίν του ὅτι δὲν ἀποκλείει τὸ ἐνδεχόμενον νὰ ἐξαπολύσουν αἱ ἀραβικαὶ χῶραι προληπτικὸν πόλεμον. Ἐπίσης ἐπεσήμανεν ὅτι τὸ πυραυλικὸν δίκτυον τῆς Αἰγύπτου ἐπεκτείνεται συνεχῶς πλησίον τῆς διώρυγος.

ΟΙ ΠΑΛΑΙΣΤΙΝΙΟΙ ΚΑΤΑ ΤΟΥ ΓΙΑΡΡΙΝΓΚ
ΣΥΝΕΧΕΙΑ ΕΚ ΤΗΣ 1ΗΣ ΣΕΛ.

ΑΜΜΑΝ, 7. (Ῥώυτερ).— Αἱ Παλαιστινιακαὶ ὀργανώσεις ἀντάρτων ἀντετάχθησαν πρὸς τὴν ἀποστολὴν τοῦ εἰδικοῦ ἀπεσταλμένου τοῦ ΟΗΕ κ. Γκούναρ Γιάρρινγκ. ΑΘΗΝΑΙ, 7.— Ὁ πρεσβευτὴς τῆς Τουρκίας ἐπεσκέφθη τὸν ὑπουργὸν τῶν Ἐξωτερικῶν. ΜΟΣΧΑ, 7.— Νέος πρεσβευτὴς τῆς Σοβιετικῆς Ἑνώσεως εἰς Ἀθήνας διωρίσθη ὁ κ. Βλαδίμηρος Γκοργκάζε. ΣΑΝΤΙΑΓΟ, 7.— Ἡ κυβέρνησις τοῦ Ἀλλιέντε ὑπέβαλε νομοσχέδιον διὰ τὴν σύστασιν λαϊκῶν δικαστηρίων.

Ο ΤΟΥΡΚΟΣ ΠΡΕΣΒΥΣ ΕΠΕΣΚΕΦΘΗ ΤΟΝ ΥΠΟΥΡΓΟΝ ΤΩΝ ΕΞΩΤΕΡΙΚΩΝ

ΑΜΜΑΝ, 7. (Ῥώυτερ).— Αἱ Παλαιστινιακαὶ ὀργανώσεις ἀντάρτων ἀντετάχθησαν πρὸς τὴν ἀποστολὴν τοῦ εἰδικοῦ ἀπεσταλμένου τοῦ ΟΗΕ κ. Γκούναρ Γιάρρινγκ. ΑΘΗΝΑΙ, 7.— Ὁ πρεσβευτὴς τῆς Τουρκίας ἐπεσκέφθη τὸν ὑπουργὸν τῶν Ἐξωτερικῶν. ΜΟΣΧΑ, 7.— Νέος πρεσβευτὴς τῆς Σοβιετικῆς Ἑνώσεως εἰς Ἀθήνας διωρίσθη ὁ κ. Βλαδίμηρος Γκοργκάζε. ΣΑΝΤΙΑΓΟ, 7.— Ἡ κυβέρνησις τοῦ Ἀλλιέντε ὑπέβαλε νομοσχέδιον διὰ τὴν σύστασιν λαϊκῶν δικαστηρίων.

Ο ΣΕΕΑ ΘΑ ΜΕΤΑΒΗ ΕΙΣ ΛΟΝΔΙΝΟΝ ΔΙΑ ΣΥΝΟΜΙΛΙΑΣ

ΑΜΜΑΝ, 7. (Ῥώυτερ).— Αἱ Παλαιστινιακαὶ ὀργανώσεις ἀντάρτων ἀντετάχθησαν πρὸς τὴν ἀποστολὴν τοῦ εἰδικοῦ ἀπεσταλμένου τοῦ ΟΗΕ κ. Γκούναρ Γιάρρινγκ. ΑΘΗΝΑΙ, 7.— Ὁ πρεσβευτὴς τῆς Τουρκίας ἐπεσκέφθη τὸν ὑπουργὸν τῶν Ἐξωτερικῶν. ΜΟΣΧΑ, 7.— Νέος πρεσβευτὴς τῆς Σοβιετικῆς Ἑνώσεως εἰς Ἀθήνας διωρίσθη ὁ κ. Βλαδίμηρος Γκοργκάζε. ΣΑΝΤΙΑΓΟ, 7.— Ἡ κυβέρνησις τοῦ Ἀλλιέντε ὑπέβαλε νομοσχέδιον διὰ τὴν σύστασιν λαϊκῶν δικαστηρίων.

ΝΕΟΣ ΡΩΣΣΟΣ ΠΡΕΣΒΕΥΤΗΣ ΕΙΣ ΑΘΗΝΑΣ
ΛΑΪΚΑ ΔΙΚΑΣΤΗΡΙΑ ΣΥΝΙΣΤΑΝΤΑΙ ΕΙΣ ΧΙΛΗΝ

ΑΜΜΑΝ, 7. (Ῥώυτερ).— Αἱ Παλαιστινιακαὶ ὀργανώσεις ἀντάρτων ἀντετάχθησαν πρὸς τὴν ἀποστολὴν τοῦ εἰδικοῦ ἀπεσταλμένου τοῦ ΟΗΕ κ. Γκούναρ Γιάρρινγκ. ΑΘΗΝΑΙ, 7.— Ὁ πρεσβευτὴς τῆς Τουρκίας ἐπεσκέφθη τὸν ὑπουργὸν τῶν Ἐξωτερικῶν. ΜΟΣΧΑ, 7.— Νέος πρεσβευτὴς τῆς Σοβιετικῆς Ἑνώσεως εἰς Ἀθήνας διωρίσθη ὁ κ. Βλαδίμηρος Γκοργκάζε. ΣΑΝΤΙΑΓΟ, 7.— Ἡ κυβέρνησις τοῦ Ἀλλιέντε ὑπέβαλε νομοσχέδιον διὰ τὴν σύστασιν λαϊκῶν δικαστηρίων.

ΠΡΟΣΕΚΑΘΗ Ο ΧΙΟΥΜ
ΕΚΡΗΞΙΣ ΝΑΡΚΗΣ
ΑΡΑΒΙΚΗ ΔΙΑΣΚΕΨΙΣ

ΑΜΜΑΝ, 7. (Ῥώυτερ).— Αἱ Παλαιστινιακαὶ ὀργανώσεις ἀντάρτων ἀντετάχθησαν πρὸς τὴν ἀποστολὴν τοῦ εἰδικοῦ ἀπεσταλμένου τοῦ ΟΗΕ κ. Γκούναρ Γιάρρινγκ. ΑΘΗΝΑΙ, 7.— Ὁ πρεσβευτὴς τῆς Τουρκίας ἐπεσκέφθη τὸν ὑπουργὸν τῶν Ἐξωτερικῶν. ΜΟΣΧΑ, 7.— Νέος πρεσβευτὴς τῆς Σοβιετικῆς Ἑνώσεως εἰς Ἀθήνας διωρίσθη ὁ κ. Βλαδίμηρος Γκοργκάζε. ΣΑΝΤΙΑΓΟ, 7.— Ἡ κυβέρνησις τοῦ Ἀλλιέντε ὑπέβαλε νομοσχέδιον διὰ τὴν σύστασιν λαϊκῶν δικαστηρίων.

ΥΠΟΚΥΨΕΝ Ο ΑΝΑΣΥΡΘΕΙΣ ΕΚ ΤΗΣ ΘΑΛΑΣΣΗΣ

ΑΜΜΑΝ, 7. (Ῥώυτερ).— Αἱ Παλαιστινιακαὶ ὀργανώσεις ἀντάρτων ἀντετάχθησαν πρὸς τὴν ἀποστολὴν τοῦ εἰδικοῦ ἀπεσταλμένου τοῦ ΟΗΕ κ. Γκούναρ Γιάρρινγκ. ΑΘΗΝΑΙ, 7.— Ὁ πρεσβευτὴς τῆς Τουρκίας ἐπεσκέφθη τὸν ὑπουργὸν τῶν Ἐξωτερικῶν. ΜΟΣΧΑ, 7.— Νέος πρεσβευτὴς τῆς Σοβιετικῆς Ἑνώσεως εἰς Ἀθήνας διωρίσθη ὁ κ. Βλαδίμηρος Γκοργκάζε. ΣΑΝΤΙΑΓΟ, 7.— Ἡ κυβέρνησις τοῦ Ἀλλιέντε ὑπέβαλε νομοσχέδιον διὰ τὴν σύστασιν λαϊκῶν δικαστηρίων.

ΣΟΒΑΡΑ Η ΚΑΤΑΣΤΑΣΙΣ ΤΟΥ ΘΗΘΟΠΟΙΟΥ ΔΗΜ. ΜΑΛΑΒΕΤΑ

ΑΜΜΑΝ, 7. (Ῥώυτερ).— Αἱ Παλαιστινιακαὶ ὀργανώσεις ἀντάρτων ἀντετάχθησαν πρὸς τὴν ἀποστολὴν τοῦ εἰδικοῦ ἀπεσταλμένου τοῦ ΟΗΕ κ. Γκούναρ Γιάρρινγκ. ΑΘΗΝΑΙ, 7.— Ὁ πρεσβευτὴς τῆς Τουρκίας ἐπεσκέφθη τὸν ὑπουργὸν τῶν Ἐξωτερικῶν. ΜΟΣΧΑ, 7.— Νέος πρεσβευτὴς τῆς Σοβιετικῆς Ἑνώσεως εἰς Ἀθήνας διωρίσθη ὁ κ. Βλαδίμηρος Γκοργκάζε. ΣΑΝΤΙΑΓΟ, 7.— Ἡ κυβέρνησις τοῦ Ἀλλιέντε ὑπέβαλε νομοσχέδιον διὰ τὴν σύστασιν λαϊκῶν δικαστηρίων.

18 ΝΕΚΡΟΙ ΕΚ ΓΡΙΠΠΗΣ ΕΙΣ ΤΗΝ ΦΛΩΡΙΔΑ

ΑΜΜΑΝ, 7. (Ῥώυτερ).— Αἱ Παλαιστινιακαὶ ὀργανώσεις ἀντάρτων ἀντετάχθησαν πρὸς τὴν ἀποστολὴν τοῦ εἰδικοῦ ἀπεσταλμένου τοῦ ΟΗΕ κ. Γκούναρ Γιάρρινγκ. ΑΘΗΝΑΙ, 7.— Ὁ πρεσβευτὴς τῆς Τουρκίας ἐπεσκέφθη τὸν ὑπουργὸν τῶν Ἐξωτερικῶν. ΜΟΣΧΑ, 7.— Νέος πρεσβευτὴς τῆς Σοβιετικῆς Ἑνώσεως εἰς Ἀθήνας διωρίσθη ὁ κ. Βλαδίμηρος Γκοργκάζε. ΣΑΝΤΙΑΓΟ, 7.— Ἡ κυβέρνησις τοῦ Ἀλλιέντε ὑπέβαλε νομοσχέδιον διὰ τὴν σύστασιν λαϊκῶν δικαστηρίων.

ΔΙΑΣΚΕΨΙΣ ΥΠΟΥΡΓΩΝ ΤΩΝ ΧΩΡΩΝ ΤΗΣ ΕΟΚ
«ΤΑ ΕΠΙΚΙΝΔΥΝΑ ΠΑΙΧΝΙΔΙΑ»

ΑΜΜΑΝ, 7. (Ῥώυτερ).— Αἱ Παλαιστινιακαὶ ὀργανώσεις ἀντάρτων ἀντετάχθησαν πρὸς τὴν ἀποστολὴν τοῦ εἰδικοῦ ἀπεσταλμένου τοῦ ΟΗΕ κ. Γκούναρ Γιάρρινγκ. ΑΘΗΝΑΙ, 7.— Ὁ πρεσβευτὴς τῆς Τουρκίας ἐπεσκέφθη τὸν ὑπουργὸν τῶν Ἐξωτερικῶν. ΜΟΣΧΑ, 7.— Νέος πρεσβευτὴς τῆς Σοβιετικῆς Ἑνώσεως εἰς Ἀθήνας διωρίσθη ὁ κ. Βλαδίμηρος Γκοργκάζε. ΣΑΝΤΙΑΓΟ, 7.— Ἡ κυβέρνησις τοῦ Ἀλλιέντε ὑπέβαλε νομοσχέδιον διὰ τὴν σύστασιν λαϊκῶν δικαστηρίων.

ΤΟ ΘΕΜΑ ΤΗΣ ΑΝΑΓΝΩΡΙΣΕΩΣ ΤΟΥ ΠΕΚΙΝΟΥ ΔΕΝ ΕΝΕΧΕΙ, ΑΝΕΚΟΙΝΩΣΕΝ Η ΑΓΚΥΡΑ ΧΑΡΑΚΤΗΡΑ ΤΗΣ ΑΜΕΣΟΥ ΕΠΙΚΑΙΡΟΤΗΤΟΣ

ΑΓΚΥΡΑ, 7. (Ἡνωμ. Τύπος).— Ὁ ἐκπρόσωπος τοῦ τουρκικοῦ ὑπουργείου τῶν Ἐξωτερικῶν δήλωσεν ὅτι τὸ θέμα τῆς ἀναγνωρίσεως τῆς Λαϊκῆς Κίνας δὲν ἐνέχει χαρακτῆρα ἀμέσου ἐπικαιρότητος διὰ τὴν Τουρκίαν.

ΑΓΚΥΡΑ, 7. (Ἡνωμ. Τύπος).— Ὁ ἐκπρόσωπος τοῦ τουρκικοῦ ὑπουργείου τῶν Ἐξωτερικῶν δήλωσεν ὅτι τὸ θέμα τῆς ἀναγνωρίσεως τῆς Λαϊκῆς Κίνας δὲν ἐνέχει χαρακτῆρα ἀμέσου ἐπικαιρότητος διὰ τὴν Τουρκίαν.

Η ΒΟΡΕΙΟΣ ΚΟΡΕΑ ΑΝΗΓΓΕΙΛΕ ΤΗΝ ΒΥΘΙΣΙΝ ΚΑΤΑΣΚΟΠΕΥΤΙΚΟΥ ΠΛΟΙΟΥ ΤΗΣ ΝΟΤΙΟΥ

ΧΟΓΚ ΚΟΓΚ, 7. (Ῥώυτερ).— Τὸ ραδιόφωνον τῆς Πιονγκγιὰνγκ ἀνήγγειλεν ὅτι αἱ ναυτικαὶ δυνάμεις τῆς Βορείου Κορέας ἐβύθισαν κατασκοπευτικὸν σκάφος τῆς Νοτίου Κορέας εἰς τὰ χωρικὰ ὕδατα τῆς χώρας.

ΧΟΓΚ ΚΟΓΚ, 7. (Ῥώυτερ).— Τὸ ραδιόφωνον τῆς Πιονγκγιὰνγκ ἀνήγγειλεν ὅτι αἱ ναυτικαὶ δυνάμεις τῆς Βορείου Κορέας ἐβύθισαν κατασκοπευτικὸν σκάφος τῆς Νοτίου Κορέας εἰς τὰ χωρικὰ ὕδατα τῆς χώρας.

Κατῆλθον εἰς νέαν ἀπεργίαν οἱ Πολωνοὶ ἐργάται τῶν ναυπηγείων τοῦ Δάντσιχ
Ἀλλὰ διαψεύδει τὴν εἴδησιν κατηγορηματικῶς ἡ Βαρσοβία.— Ὁ πάπας πιθανὸν νὰ μεταβῇ εἰς Πολωνίαν.—

ΣΤΟΚΧΟΛΜΗ, 7. (Ἡνωμ. Τύπος).— Πληροφορίαι φθάνουσαι ἐδῶ ἀναφέρουν ὅτι οἱ ἐργάται τῶν ναυπηγείων τοῦ Δάντσιχ κατῆλθον ἐκ νέου εἰς ἀπεργίαν. ΒΑΡΣΟΒΙΑ, 7.— Ἐκπρόσωπος τῆς πολωνικῆς κυβερνήσεως διέψευσε κατηγορηματικῶς τὴν εἴδησιν. ΒΑΤΙΚΑΝΟΝ, 7.— Δὲν ἀποκλείεται ὁ Πάπας Παῦλος νὰ ἐπισκεφθῇ τὴν Πολωνίαν κατὰ τὸ προσεχὲς ἔτος.

Η ΕΠΙΣΚΕΨΙΣ ΤΟΥ ΠΑΠΑ

ΣΤΟΚΧΟΛΜΗ, 7. (Ἡνωμ. Τύπος).— Πληροφορίαι φθάνουσαι ἐδῶ ἀναφέρουν ὅτι οἱ ἐργάται τῶν ναυπηγείων τοῦ Δάντσιχ κατῆλθον ἐκ νέου εἰς ἀπεργίαν. ΒΑΡΣΟΒΙΑ, 7.— Ἐκπρόσωπος τῆς πολωνικῆς κυβερνήσεως διέψευσε κατηγορηματικῶς τὴν εἴδησιν. ΒΑΤΙΚΑΝΟΝ, 7.— Δὲν ἀποκλείεται ὁ Πάπας Παῦλος νὰ ἐπισκεφθῇ τὴν Πολωνίαν κατὰ τὸ προσεχὲς ἔτος.

ΔΙΑΨΕΥΔΕΙ Η ΒΑΡΣΟΒΙΑ

ΣΤΟΚΧΟΛΜΗ, 7. (Ἡνωμ. Τύπος).— Πληροφορίαι φθάνουσαι ἐδῶ ἀναφέρουν ὅτι οἱ ἐργάται τῶν ναυπηγείων τοῦ Δάντσιχ κατῆλθον ἐκ νέου εἰς ἀπεργίαν. ΒΑΡΣΟΒΙΑ, 7.— Ἐκπρόσωπος τῆς πολωνικῆς κυβερνήσεως διέψευσε κατηγορηματικῶς τὴν εἴδησιν. ΒΑΤΙΚΑΝΟΝ, 7.— Δὲν ἀποκλείεται ὁ Πάπας Παῦλος νὰ ἐπισκεφθῇ τὴν Πολωνίαν κατὰ τὸ προσεχὲς ἔτος.
